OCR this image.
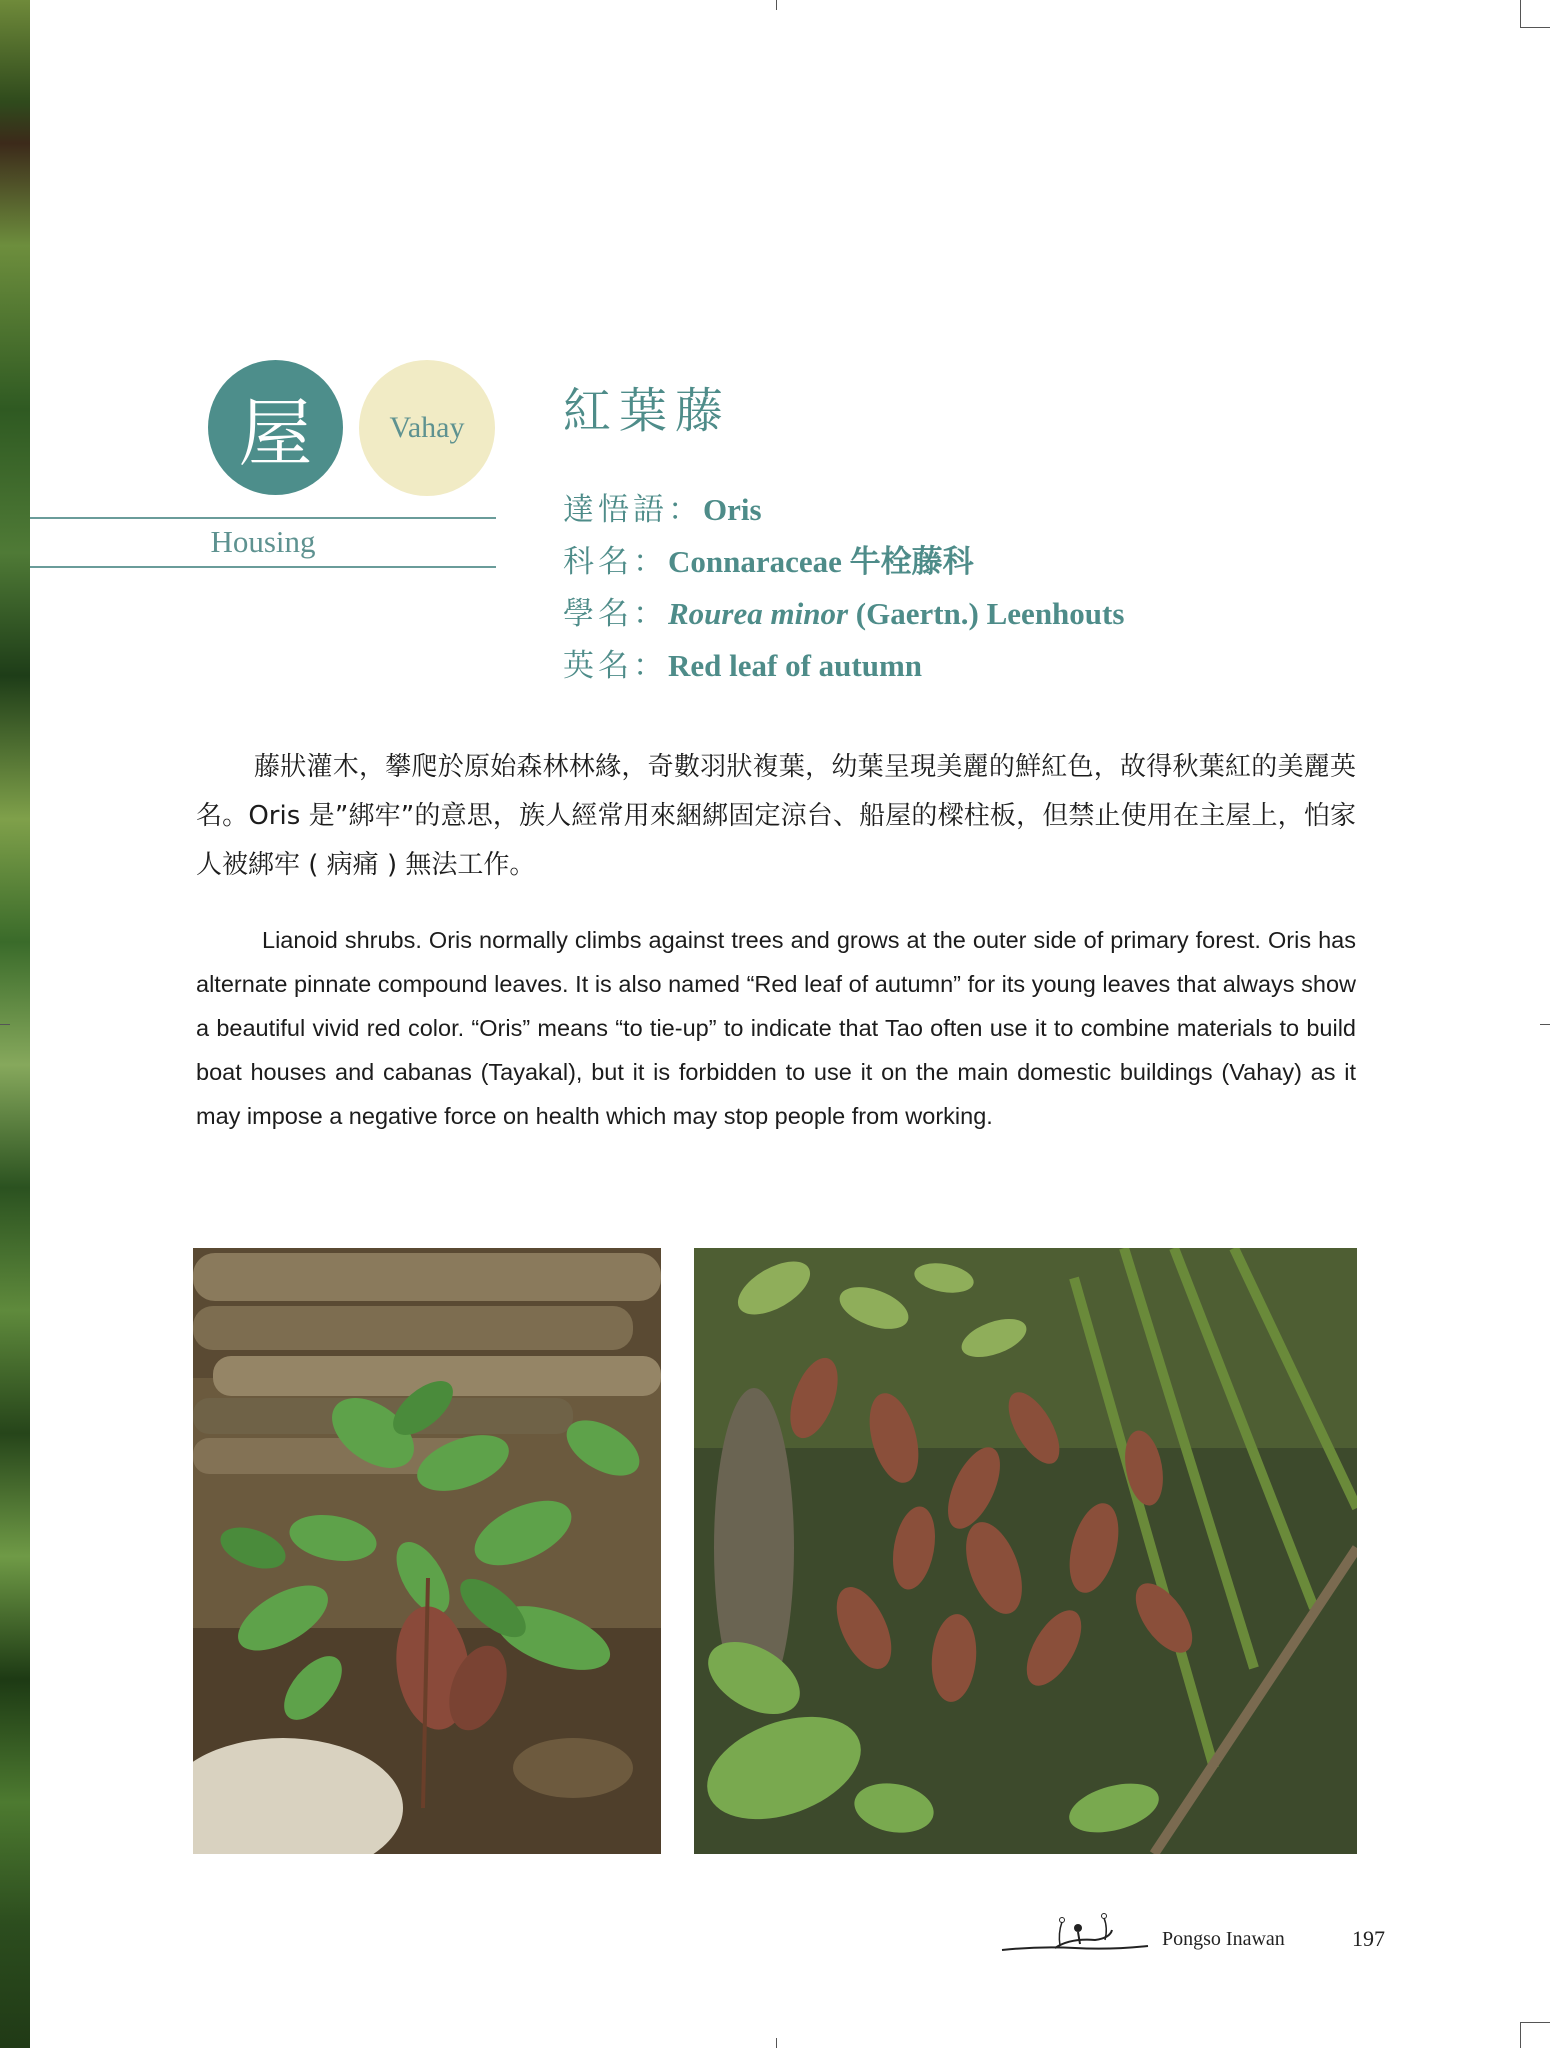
屋	Vahay
Housing
紅葉藤
達悟語：Oris
科名：Connaraceae 牛栓藤科
學名：Rourea minor (Gaertn.) Leenhouts
英名：Red leaf of autumn
藤狀灌木，攀爬於原始森林林緣，奇數羽狀複葉，幼葉呈現美麗的鮮紅色，故得秋葉紅的美麗英名。Oris 是”綁牢”的意思，族人經常用來綑綁固定涼台、船屋的樑柱板，但禁止使用在主屋上，怕家人被綁牢 ( 病痛 ) 無法工作。
Lianoid shrubs. Oris normally climbs against trees and grows at the outer side of primary forest. Oris has alternate pinnate compound leaves. It is also named “Red leaf of autumn” for its young leaves that always show a beautiful vivid red color. “Oris” means “to tie-up” to indicate that Tao often use it to combine materials to build boat houses and cabanas (Tayakal), but it is forbidden to use it on the main domestic buildings (Vahay) as it may impose a negative force on health which may stop people from working.
Pongso Inawan	197
